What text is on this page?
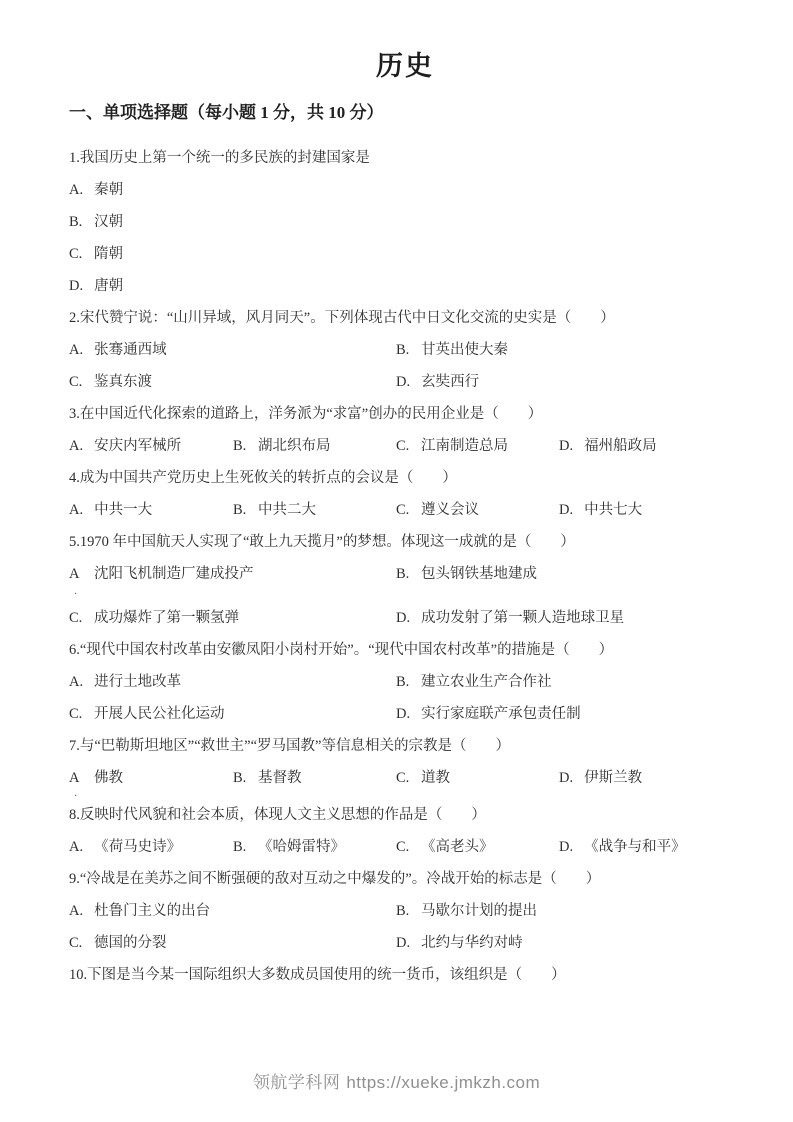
历史
一、单项选择题（每小题 1 分，共 10 分）

1.我国历史上第一个统一的多民族的封建国家是

A. 秦朝
B. 汉朝
C. 隋朝
D. 唐朝

2.宋代赞宁说：“山川异域，风月同天”。下列体现古代中日文化交流的史实是（　　）

A. 张骞通西域	B. 甘英出使大秦
C. 鉴真东渡	D. 玄奘西行

3.在中国近代化探索的道路上，洋务派为“求富”创办的民用企业是（　　）

A. 安庆内军械所	B. 湖北织布局	C. 江南制造总局	D. 福州船政局

4.成为中国共产党历史上生死攸关的转折点的会议是（　　）

A. 中共一大	B. 中共二大	C. 遵义会议	D. 中共七大

5.1970 年中国航天人实现了“敢上九天揽月”的梦想。体现这一成就的是（　　）

A 沈阳飞机制造厂建成投产	B. 包头钢铁基地建成
·
C. 成功爆炸了第一颗氢弹	D. 成功发射了第一颗人造地球卫星

6.“现代中国农村改革由安徽凤阳小岗村开始”。“现代中国农村改革”的措施是（　　）

A. 进行土地改革	B. 建立农业生产合作社
C. 开展人民公社化运动	D. 实行家庭联产承包责任制

7.与“巴勒斯坦地区”“救世主”“罗马国教”等信息相关的宗教是（　　）

A 佛教	B. 基督教	C. 道教	D. 伊斯兰教
·

8.反映时代风貌和社会本质，体现人文主义思想的作品是（　　）

A. 《荷马史诗》	B. 《哈姆雷特》	C. 《高老头》	D. 《战争与和平》

9.“冷战是在美苏之间不断强硬的敌对互动之中爆发的”。冷战开始的标志是（　　）

A. 杜鲁门主义的出台	B. 马歇尔计划的提出
C. 德国的分裂	D. 北约与华约对峙

10.下图是当今某一国际组织大多数成员国使用的统一货币，该组织是（　　）

领航学科网 https://xueke.jmkzh.com
